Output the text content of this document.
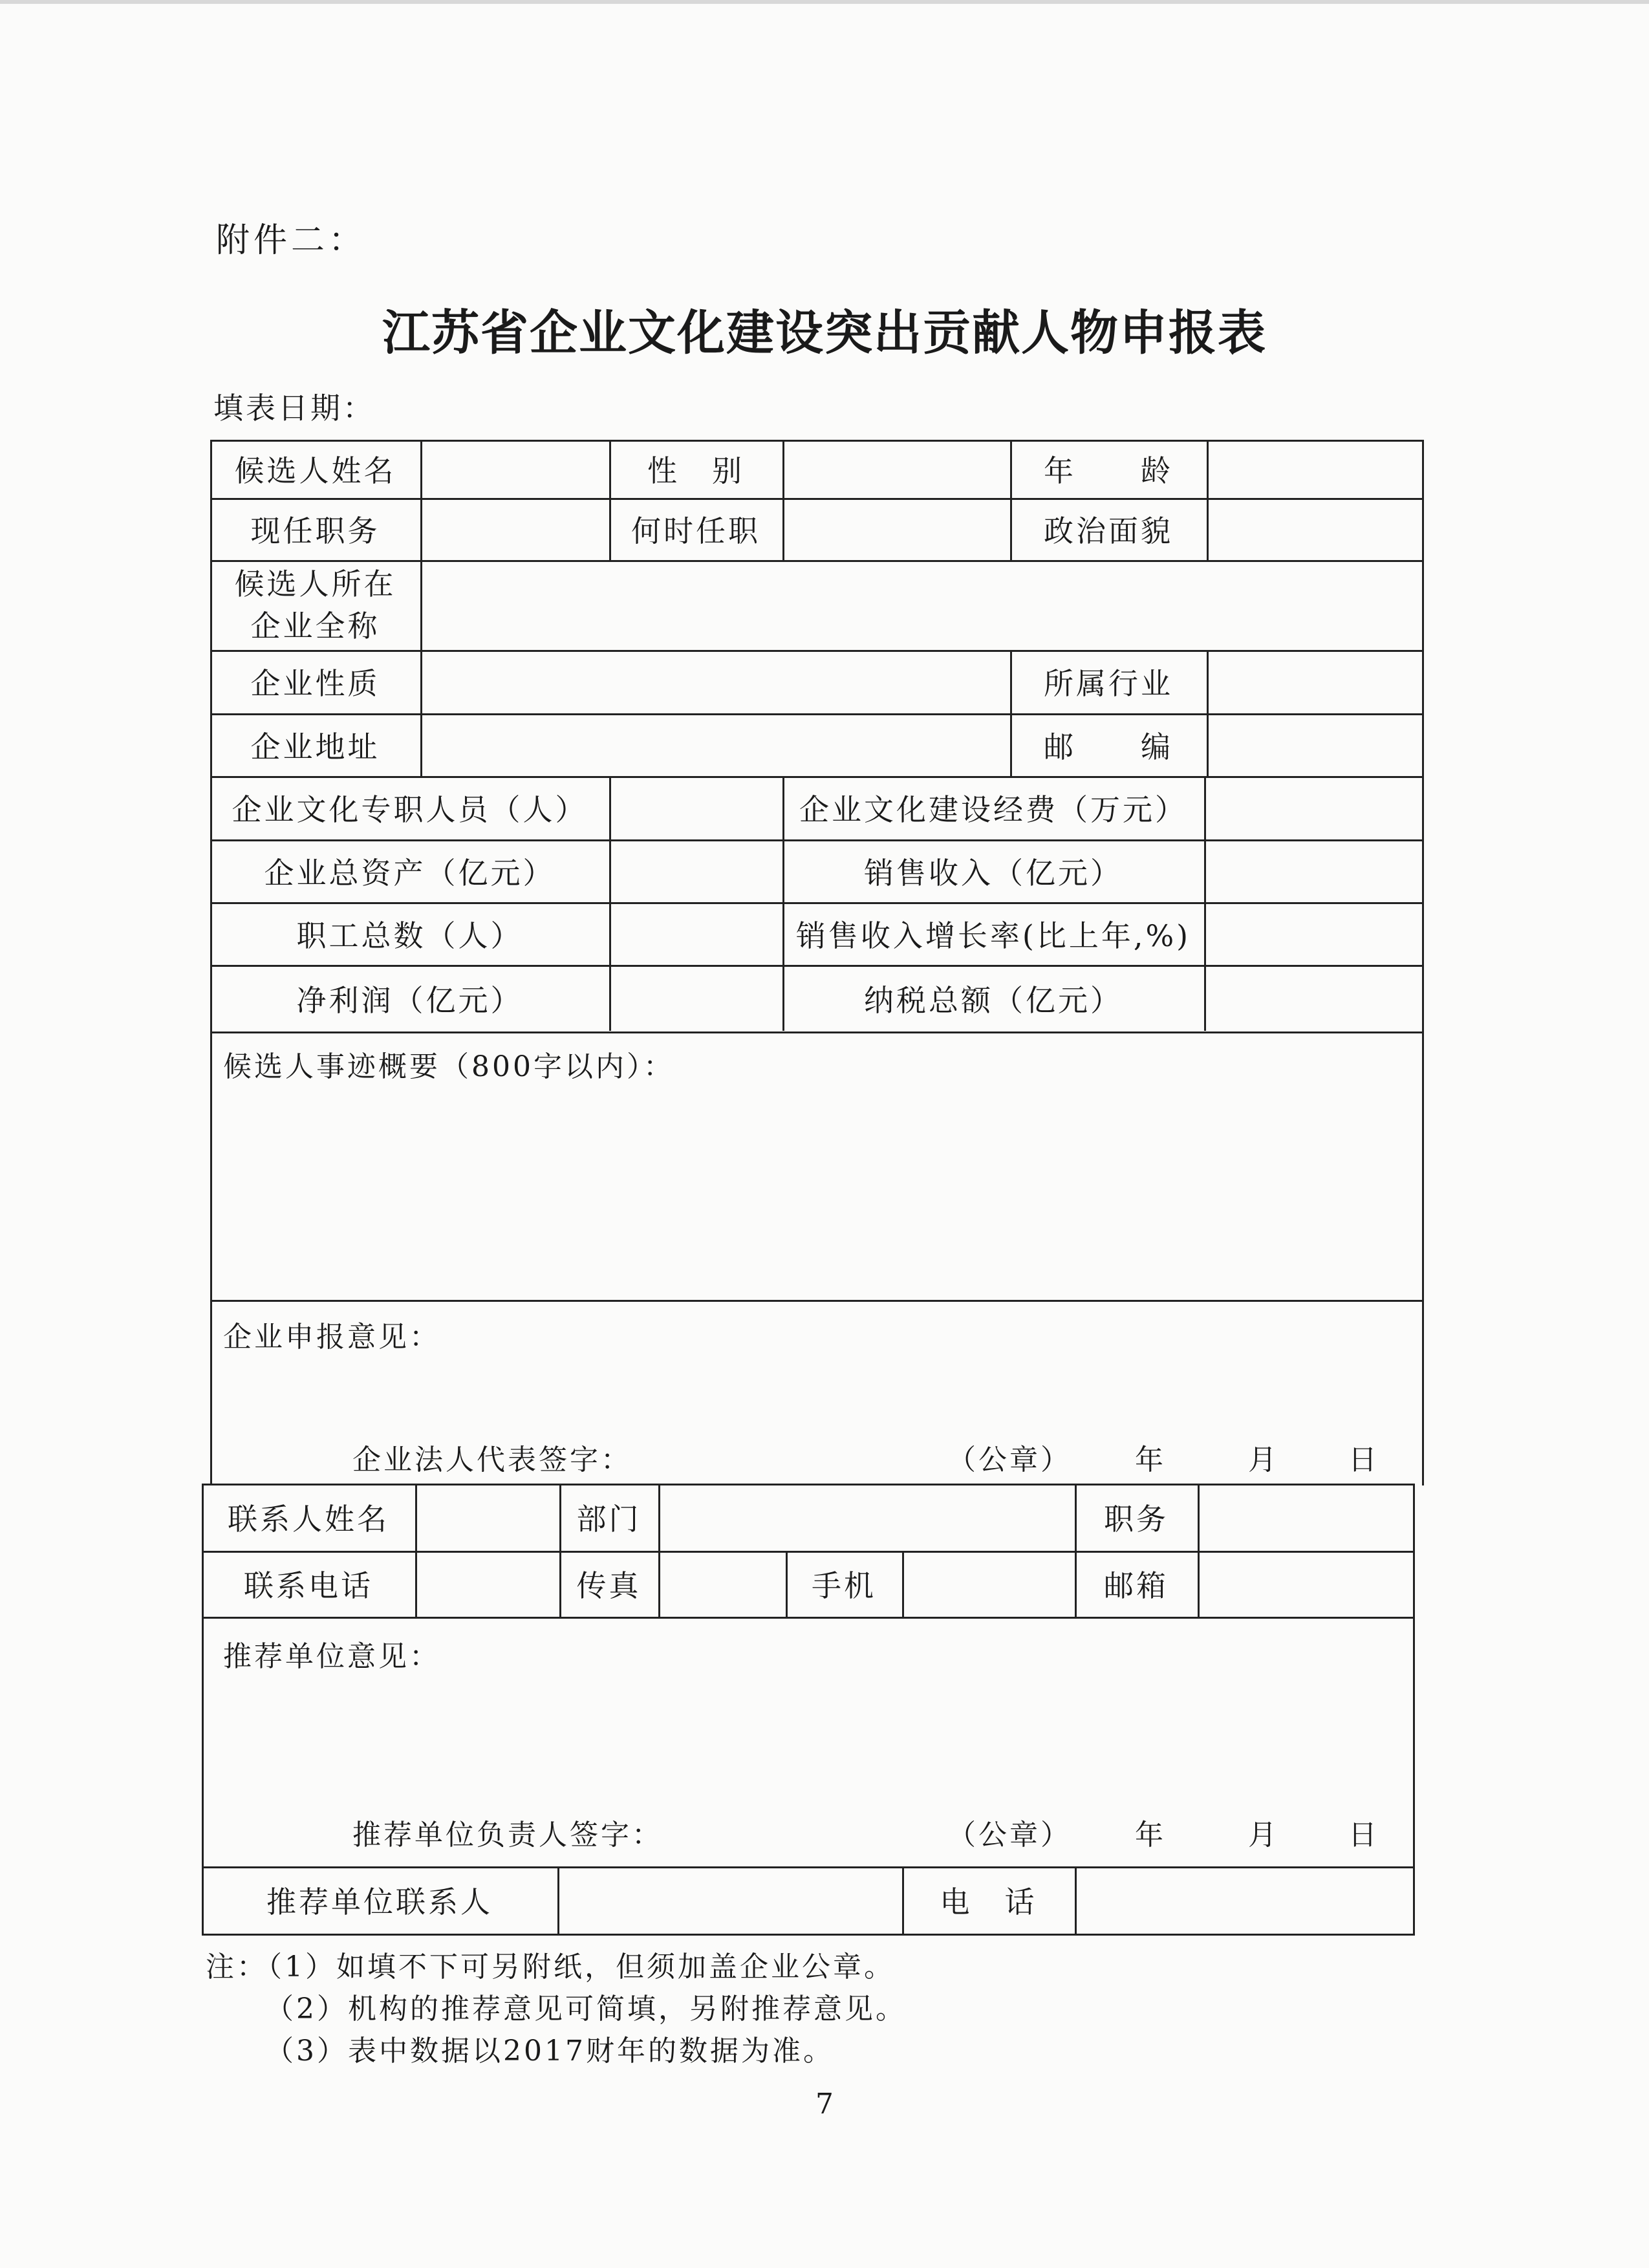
附件二：
江苏省企业文化建设突出贡献人物申报表
填表日期：
候选人姓名	性　别	年　　龄
现任职务	何时任职	政治面貌
候选人所在
企业全称
企业性质	所属行业
企业地址	邮　　编
企业文化专职人员（人）	企业文化建设经费（万元）
企业总资产（亿元）	销售收入（亿元）
职工总数（人）	销售收入增长率(比上年,%)
净利润（亿元）	纳税总额（亿元）
候选人事迹概要（800字以内）：
企业申报意见：
企业法人代表签字：	（公章） 年	月	日
联系人姓名	部门	职务
联系电话	传真	手机	邮箱
推荐单位意见：
推荐单位负责人签字：	（公章） 年	月	日
推荐单位联系人	电　话
注：（1）如填不下可另附纸，但须加盖企业公章。
（2）机构的推荐意见可简填，另附推荐意见。
（3）表中数据以2017财年的数据为准。
7
